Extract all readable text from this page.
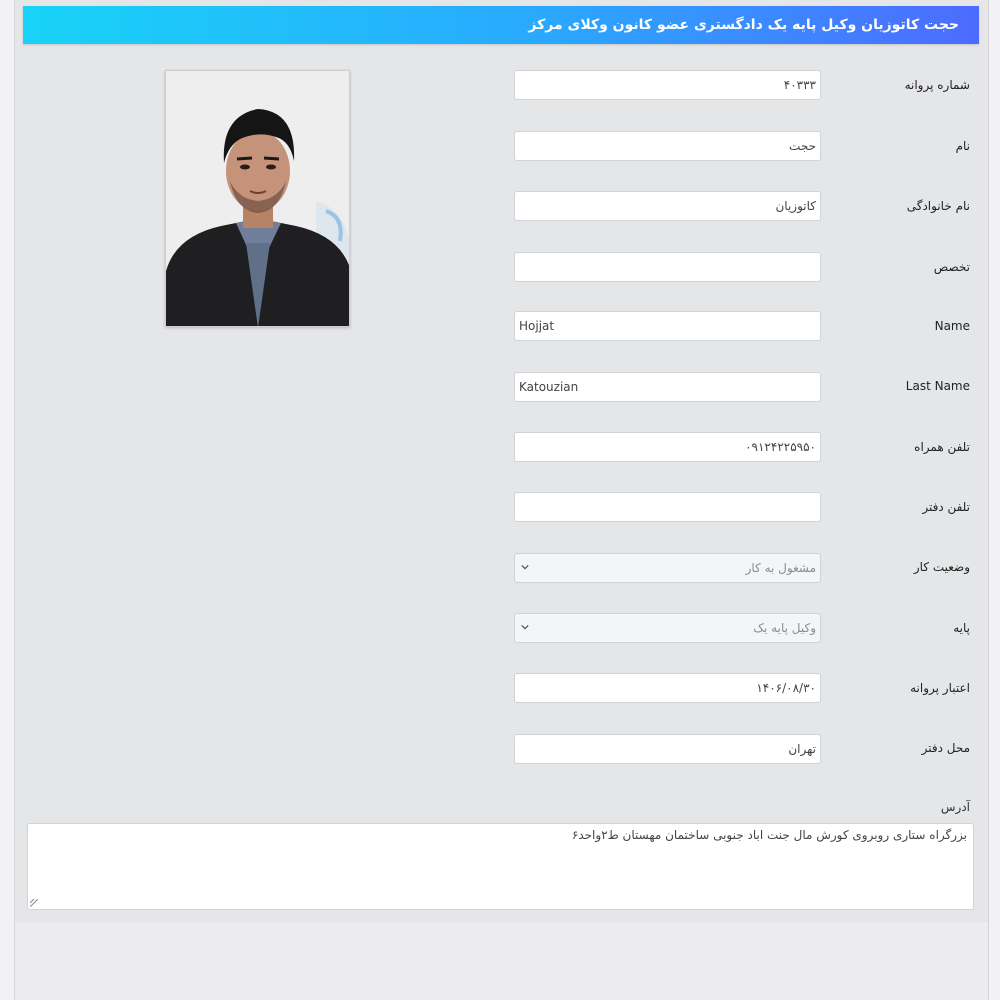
حجت کاتوزیان وکیل پایه یک دادگستری عضو کانون وکلای مرکز
شماره پروانه
۴۰۳۳۳
نام
حجت
نام خانوادگی
کاتوزیان
تخصص
Name
Hojjat
Last Name
Katouzian
تلفن همراه
۰۹۱۲۴۲۲۵۹۵۰
تلفن دفتر
وضعیت کار
مشغول به کار
پایه
وکیل پایه یک
اعتبار پروانه
۱۴۰۶/۰۸/۳۰
محل دفتر
تهران
آدرس
بزرگراه ستاری روبروی کورش مال جنت اباد جنوبی ساختمان مهستان ط۲واحد۶
